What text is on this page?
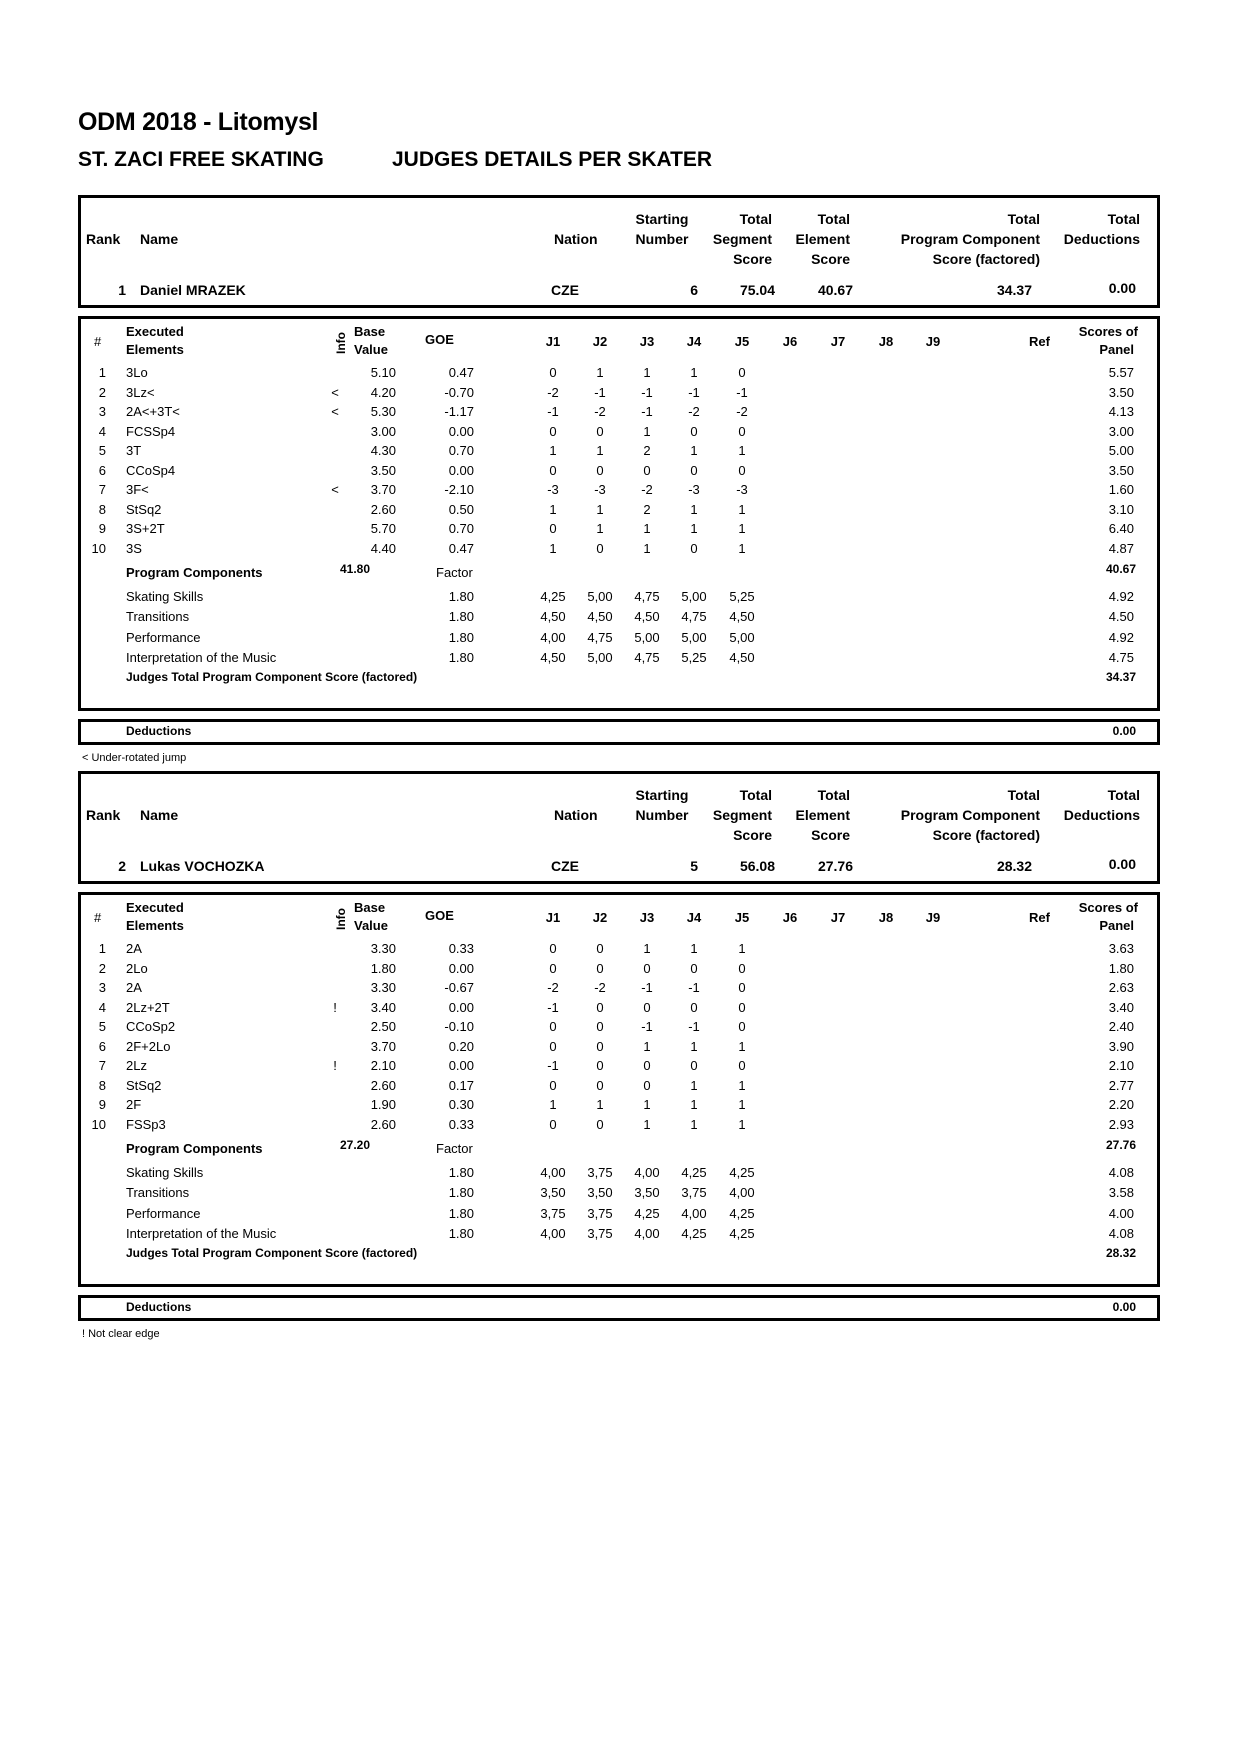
ODM 2018 - Litomysl
ST. ZACI FREE SKATING	JUDGES DETAILS PER SKATER
Rank Name	Nation
Starting
Number
Total
Segment
Score
Total
Element
Score
Total
Program Component
Score (factored)
Total
Deductions
1 Daniel MRAZEK	CZE	6	75.04	40.67	34.37	0.00
#
Executed
Elements	Info
Base
Value
GOE	J1	J2	J3	J4	J5	J6	J7	J8	J9	Ref
Scores of
Panel
1 3Lo	5.10	0.47	0	1	1	1	0	5.57
2 3Lz<	<	4.20	-0.70	-2	-1	-1	-1	-1	3.50
3 2A<+3T<	<	5.30	-1.17	-1	-2	-1	-2	-2	4.13
4 FCSSp4	3.00	0.00	0	0	1	0	0	3.00
5 3T	4.30	0.70	1	1	2	1	1	5.00
6 CCoSp4	3.50	0.00	0	0	0	0	0	3.50
7 3F<	<	3.70	-2.10	-3	-3	-2	-3	-3	1.60
8 StSq2	2.60	0.50	1	1	2	1	1	3.10
9 3S+2T	5.70	0.70	0	1	1	1	1	6.40
10 3S	4.40	0.47	1	0	1	0	1	4.87
41.80	40.67
Program Components	Factor
Skating Skills	1.80	4,25	5,00	4,75	5,00	5,25	4.92
Transitions	1.80	4,50	4,50	4,50	4,75	4,50	4.50
Performance	1.80	4,00	4,75	5,00	5,00	5,00	4.92
Interpretation of the Music	1.80	4,50	5,00	4,75	5,25	4,50	4.75
Judges Total Program Component Score (factored)	34.37
Deductions	0.00
< Under-rotated jump
Rank Name	Nation
Starting
Number
Total
Segment
Score
Total
Element
Score
Total
Program Component
Score (factored)
Total
Deductions
2 Lukas VOCHOZKA	CZE	5	56.08	27.76	28.32	0.00
#
Executed
Elements	Info
Base
Value
GOE	J1	J2	J3	J4	J5	J6	J7	J8	J9	Ref
Scores of
Panel
1 2A	3.30	0.33	0	0	1	1	1	3.63
2 2Lo	1.80	0.00	0	0	0	0	0	1.80
3 2A	3.30	-0.67	-2	-2	-1	-1	0	2.63
4 2Lz+2T	!	3.40	0.00	-1	0	0	0	0	3.40
5 CCoSp2	2.50	-0.10	0	0	-1	-1	0	2.40
6 2F+2Lo	3.70	0.20	0	0	1	1	1	3.90
7 2Lz	!	2.10	0.00	-1	0	0	0	0	2.10
8 StSq2	2.60	0.17	0	0	0	1	1	2.77
9 2F	1.90	0.30	1	1	1	1	1	2.20
10 FSSp3	2.60	0.33	0	0	1	1	1	2.93
27.20	27.76
Program Components	Factor
Skating Skills	1.80	4,00	3,75	4,00	4,25	4,25	4.08
Transitions	1.80	3,50	3,50	3,50	3,75	4,00	3.58
Performance	1.80	3,75	3,75	4,25	4,00	4,25	4.00
Interpretation of the Music	1.80	4,00	3,75	4,00	4,25	4,25	4.08
Judges Total Program Component Score (factored)	28.32
Deductions	0.00
! Not clear edge
